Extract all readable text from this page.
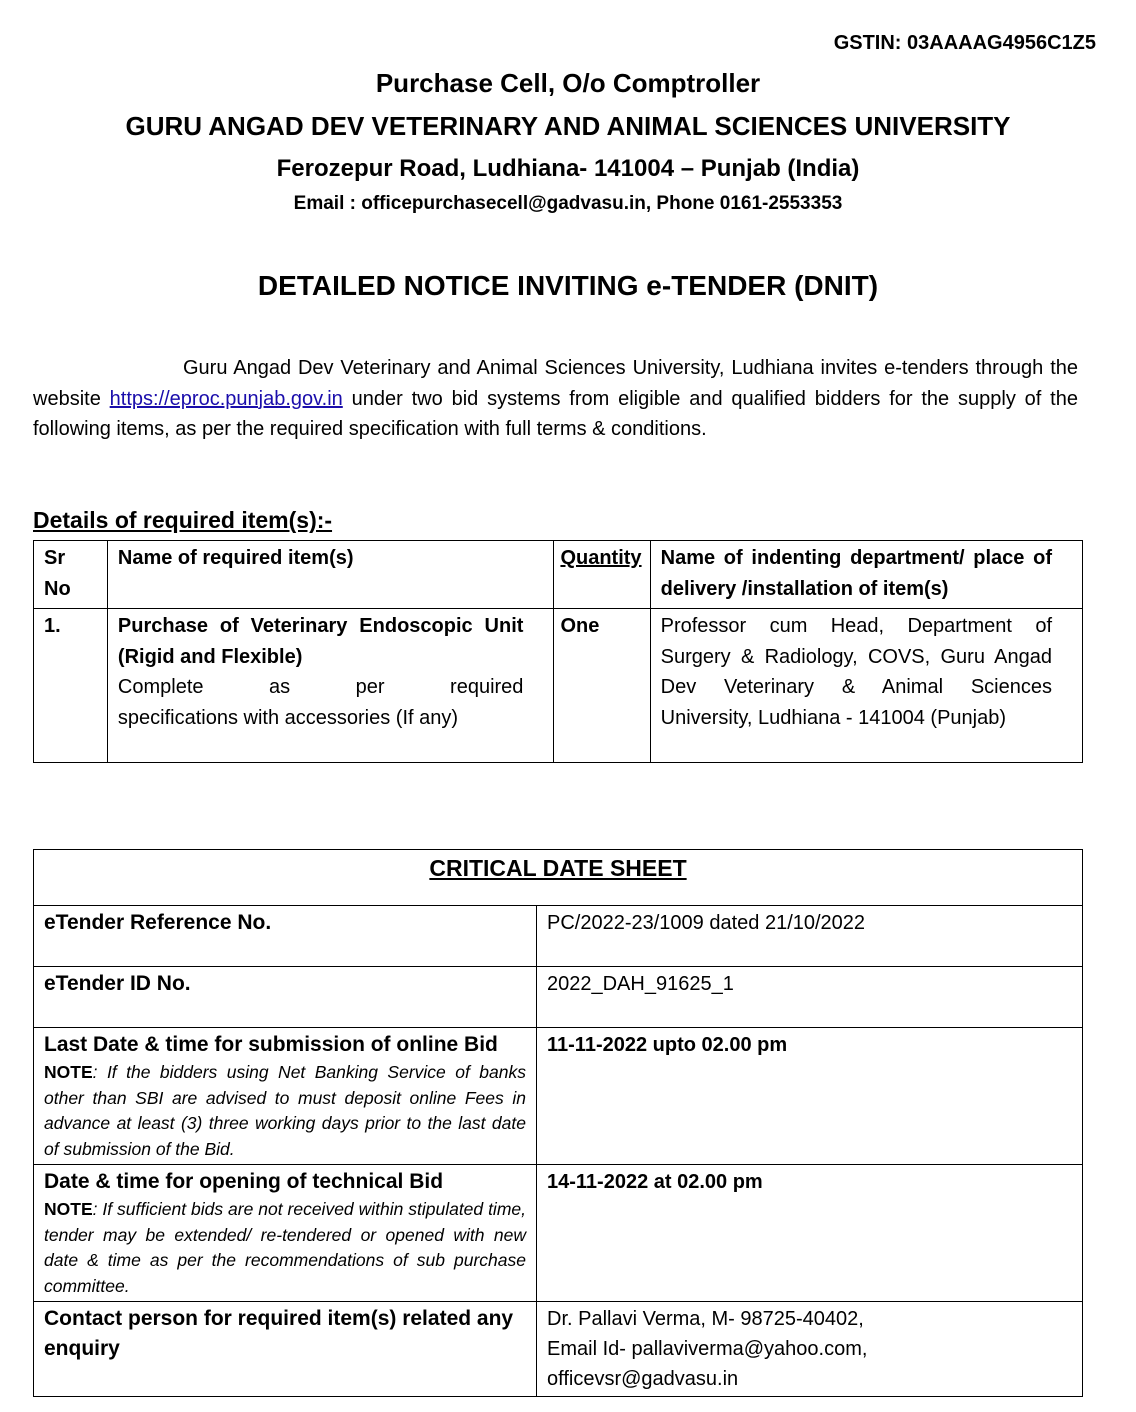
GSTIN: 03AAAAG4956C1Z5
Purchase Cell, O/o Comptroller
GURU ANGAD DEV VETERINARY AND ANIMAL SCIENCES UNIVERSITY
Ferozepur Road, Ludhiana- 141004 – Punjab (India)
Email : officepurchasecell@gadvasu.in, Phone 0161-2553353
DETAILED NOTICE INVITING e-TENDER (DNIT)
Guru Angad Dev Veterinary and Animal Sciences University, Ludhiana invites e-tenders through the website https://eproc.punjab.gov.in under two bid systems from eligible and qualified bidders for the supply of the following items, as per the required specification with full terms & conditions.
Details of required item(s):-
Sr No	Name of required item(s)	Quantity	Name of indenting department/ place of delivery /installation of item(s)
1.	Purchase of Veterinary Endoscopic Unit (Rigid and Flexible)
Complete as per required
specifications with accessories (If any)	One	Professor cum Head, Department of Surgery & Radiology, COVS, Guru Angad Dev Veterinary & Animal Sciences University, Ludhiana - 141004 (Punjab)
CRITICAL DATE SHEET	
eTender Reference No.	PC/2022-23/1009 dated 21/10/2022
eTender ID No.	2022_DAH_91625_1

Last Date & time for submission of online Bid
NOTE: If the bidders using Net Banking Service of banks other than SBI are advised to must deposit online Fees in advance at least (3) three working days prior to the last date of submission of the Bid.	11-11-2022 upto 02.00 pm

Date & time for opening of technical Bid
NOTE: If sufficient bids are not received within stipulated time, tender may be extended/ re-tendered or opened with new date & time as per the recommendations of sub purchase committee.	14-11-2022 at 02.00 pm
Contact person for required item(s) related any enquiry	Dr. Pallavi Verma, M- 98725-40402,
Email Id- pallaviverma@yahoo.com,
officevsr@gadvasu.in
